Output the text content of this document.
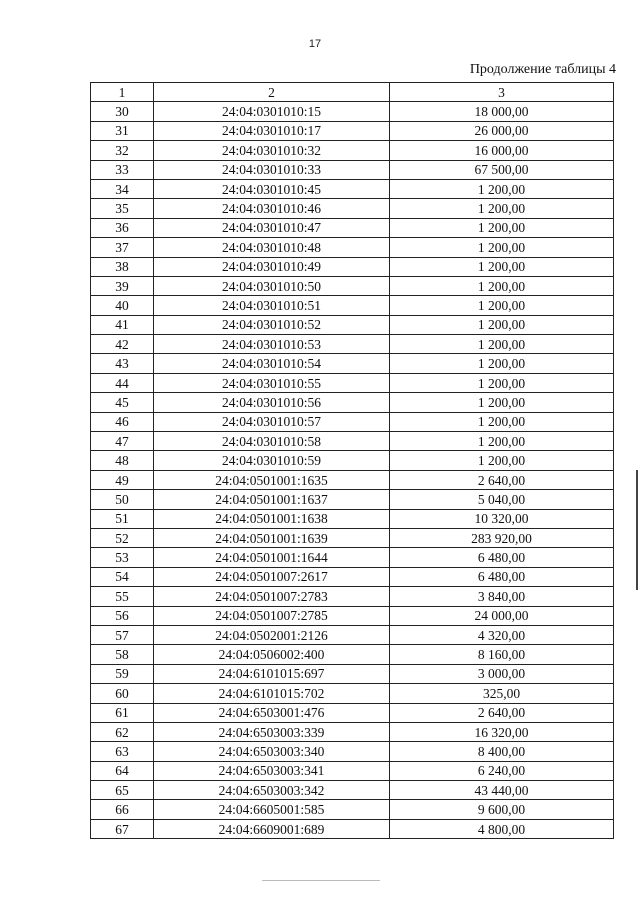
17
Продолжение таблицы 4
1	2	3
30	24:04:0301010:15	18 000,00
31	24:04:0301010:17	26 000,00
32	24:04:0301010:32	16 000,00
33	24:04:0301010:33	67 500,00
34	24:04:0301010:45	1 200,00
35	24:04:0301010:46	1 200,00
36	24:04:0301010:47	1 200,00
37	24:04:0301010:48	1 200,00
38	24:04:0301010:49	1 200,00
39	24:04:0301010:50	1 200,00
40	24:04:0301010:51	1 200,00
41	24:04:0301010:52	1 200,00
42	24:04:0301010:53	1 200,00
43	24:04:0301010:54	1 200,00
44	24:04:0301010:55	1 200,00
45	24:04:0301010:56	1 200,00
46	24:04:0301010:57	1 200,00
47	24:04:0301010:58	1 200,00
48	24:04:0301010:59	1 200,00
49	24:04:0501001:1635	2 640,00
50	24:04:0501001:1637	5 040,00
51	24:04:0501001:1638	10 320,00
52	24:04:0501001:1639	283 920,00
53	24:04:0501001:1644	6 480,00
54	24:04:0501007:2617	6 480,00
55	24:04:0501007:2783	3 840,00
56	24:04:0501007:2785	24 000,00
57	24:04:0502001:2126	4 320,00
58	24:04:0506002:400	8 160,00
59	24:04:6101015:697	3 000,00
60	24:04:6101015:702	325,00
61	24:04:6503001:476	2 640,00
62	24:04:6503003:339	16 320,00
63	24:04:6503003:340	8 400,00
64	24:04:6503003:341	6 240,00
65	24:04:6503003:342	43 440,00
66	24:04:6605001:585	9 600,00
67	24:04:6609001:689	4 800,00
